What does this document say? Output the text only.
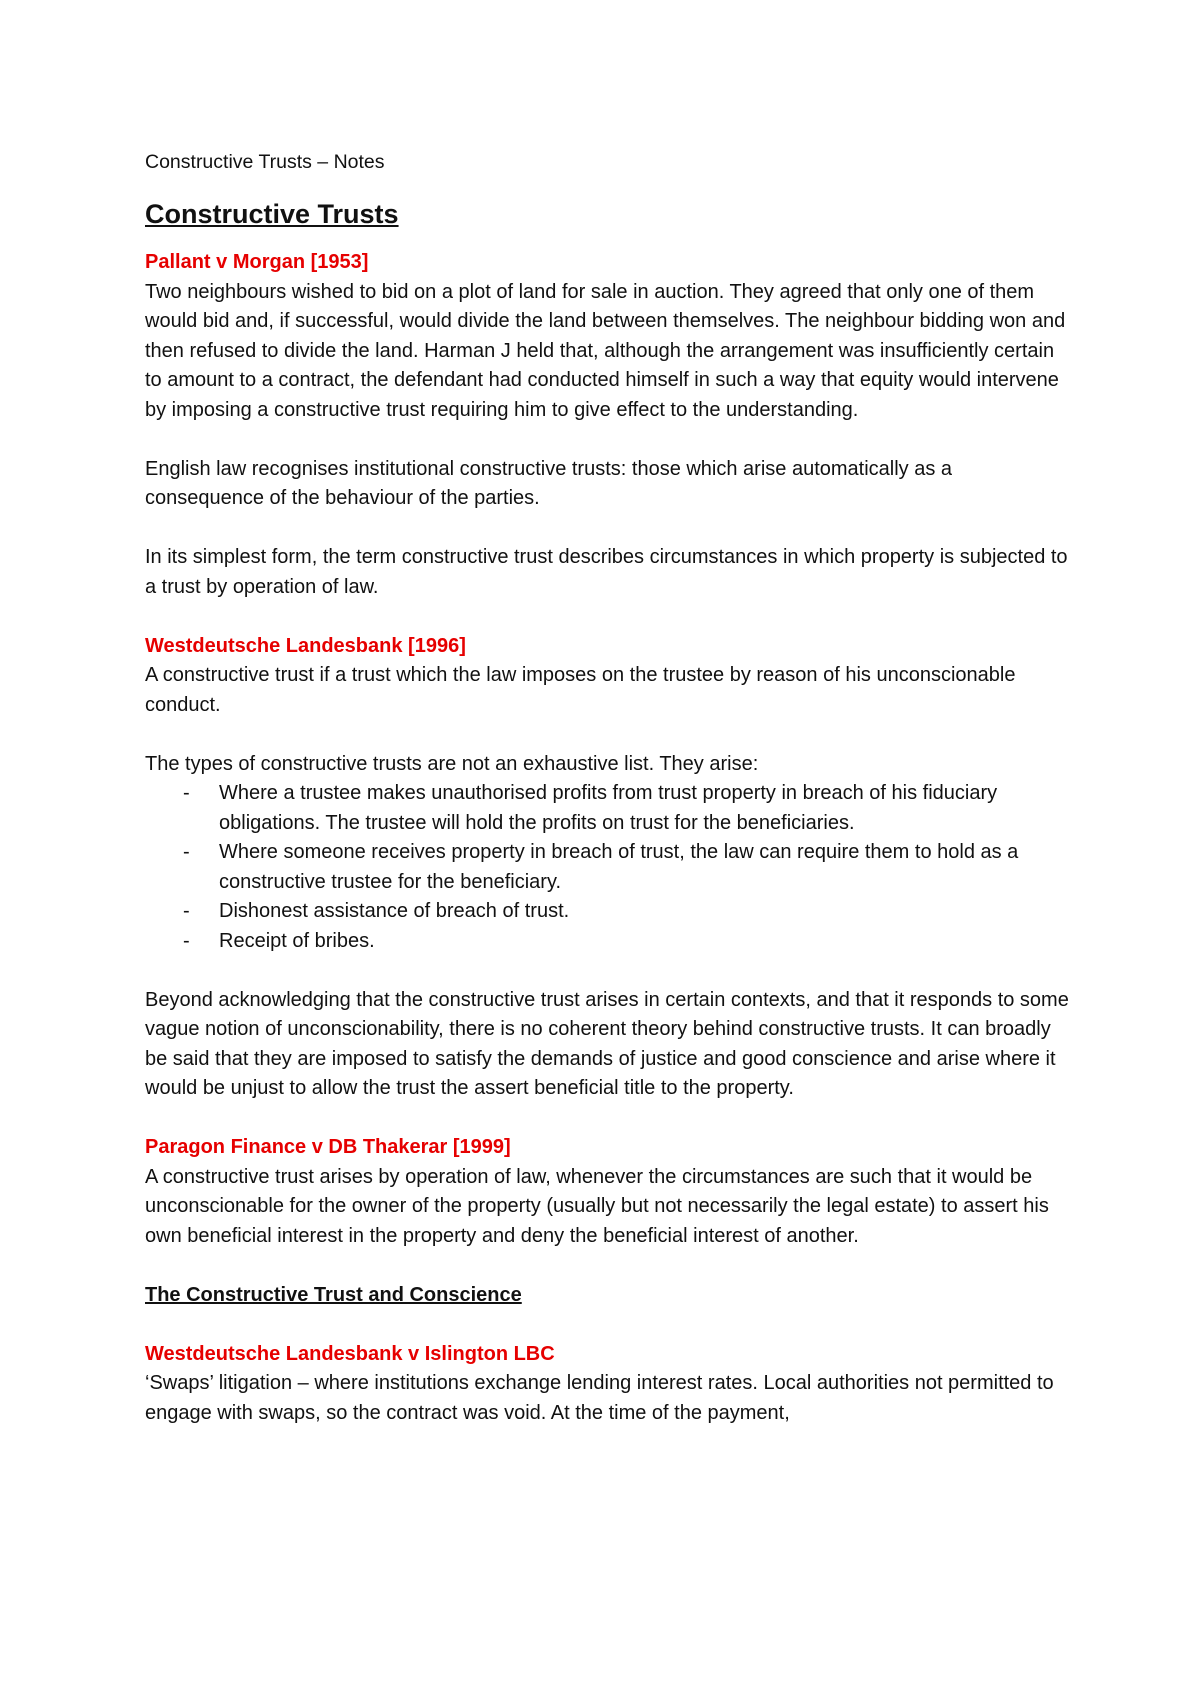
Constructive Trusts – Notes
Constructive Trusts
Pallant v Morgan [1953]
Two neighbours wished to bid on a plot of land for sale in auction. They agreed that only one of them would bid and, if successful, would divide the land between themselves. The neighbour bidding won and then refused to divide the land. Harman J held that, although the arrangement was insufficiently certain to amount to a contract, the defendant had conducted himself in such a way that equity would intervene by imposing a constructive trust requiring him to give effect to the understanding.
English law recognises institutional constructive trusts: those which arise automatically as a consequence of the behaviour of the parties.
In its simplest form, the term constructive trust describes circumstances in which property is subjected to a trust by operation of law.
Westdeutsche Landesbank [1996]
A constructive trust if a trust which the law imposes on the trustee by reason of his unconscionable conduct.
The types of constructive trusts are not an exhaustive list. They arise:
- Where a trustee makes unauthorised profits from trust property in breach of his fiduciary obligations. The trustee will hold the profits on trust for the beneficiaries.
- Where someone receives property in breach of trust, the law can require them to hold as a constructive trustee for the beneficiary.
- Dishonest assistance of breach of trust.
- Receipt of bribes.
Beyond acknowledging that the constructive trust arises in certain contexts, and that it responds to some vague notion of unconscionability, there is no coherent theory behind constructive trusts. It can broadly be said that they are imposed to satisfy the demands of justice and good conscience and arise where it would be unjust to allow the trust the assert beneficial title to the property.
Paragon Finance v DB Thakerar [1999]
A constructive trust arises by operation of law, whenever the circumstances are such that it would be unconscionable for the owner of the property (usually but not necessarily the legal estate) to assert his own beneficial interest in the property and deny the beneficial interest of another.
The Constructive Trust and Conscience
Westdeutsche Landesbank v Islington LBC
‘Swaps’ litigation – where institutions exchange lending interest rates. Local authorities not permitted to engage with swaps, so the contract was void. At the time of the payment,
